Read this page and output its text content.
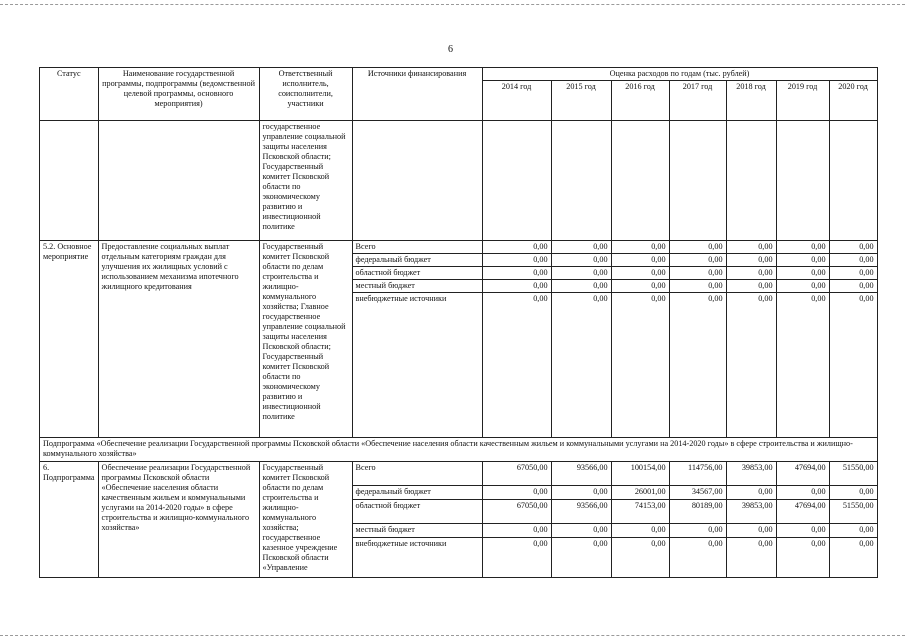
6
Статус	Наименование государственной программы, подпрограммы (ведомственной целевой программы, основного мероприятия)	Ответственный исполнитель, соисполнители, участники	Источники финансирования	Оценка расходов по годам (тыс. рублей)						
				2014 год	2015 год	2016 год	2017 год	2018 год	2019 год	2020 год
		государственное управление социальной защиты населения Псковской области; Государственный комитет Псковской области по экономическому развитию и инвестиционной политике								
5.2. Основное мероприятие	Предоставление социальных выплат отдельным категориям граждан для улучшения их жилищных условий с использованием механизма ипотечного жилищного кредитования	Государственный комитет Псковской области по делам строительства и жилищно-коммунального хозяйства; Главное государственное управление социальной защиты населения Псковской области; Государственный комитет Псковской области по экономическому развитию и инвестиционной политике	Всего	0,00	0,00	0,00	0,00	0,00	0,00	0,00
			федеральный бюджет	0,00	0,00	0,00	0,00	0,00	0,00	0,00
			областной бюджет	0,00	0,00	0,00	0,00	0,00	0,00	0,00
			местный бюджет	0,00	0,00	0,00	0,00	0,00	0,00	0,00
			внебюджетные источники	0,00	0,00	0,00	0,00	0,00	0,00	0,00
Подпрограмма «Обеспечение реализации Государственной программы Псковской области «Обеспечение населения области качественным жильем и коммунальными услугами на 2014-2020 годы» в сфере строительства и жилищно-коммунального хозяйства»										
6. Подпрограмма	Обеспечение реализации Государственной программы Псковской области «Обеспечение населения области качественным жильем и коммунальными услугами на 2014-2020 годы» в сфере строительства и жилищно-коммунального хозяйства»	Государственный комитет Псковской области по делам строительства и жилищно-коммунального хозяйства; государственное казенное учреждение Псковской области «Управление	Всего	67050,00	93566,00	100154,00	114756,00	39853,00	47694,00	51550,00
			федеральный бюджет	0,00	0,00	26001,00	34567,00	0,00	0,00	0,00
			областной бюджет	67050,00	93566,00	74153,00	80189,00	39853,00	47694,00	51550,00
			местный бюджет	0,00	0,00	0,00	0,00	0,00	0,00	0,00
			внебюджетные источники	0,00	0,00	0,00	0,00	0,00	0,00	0,00
